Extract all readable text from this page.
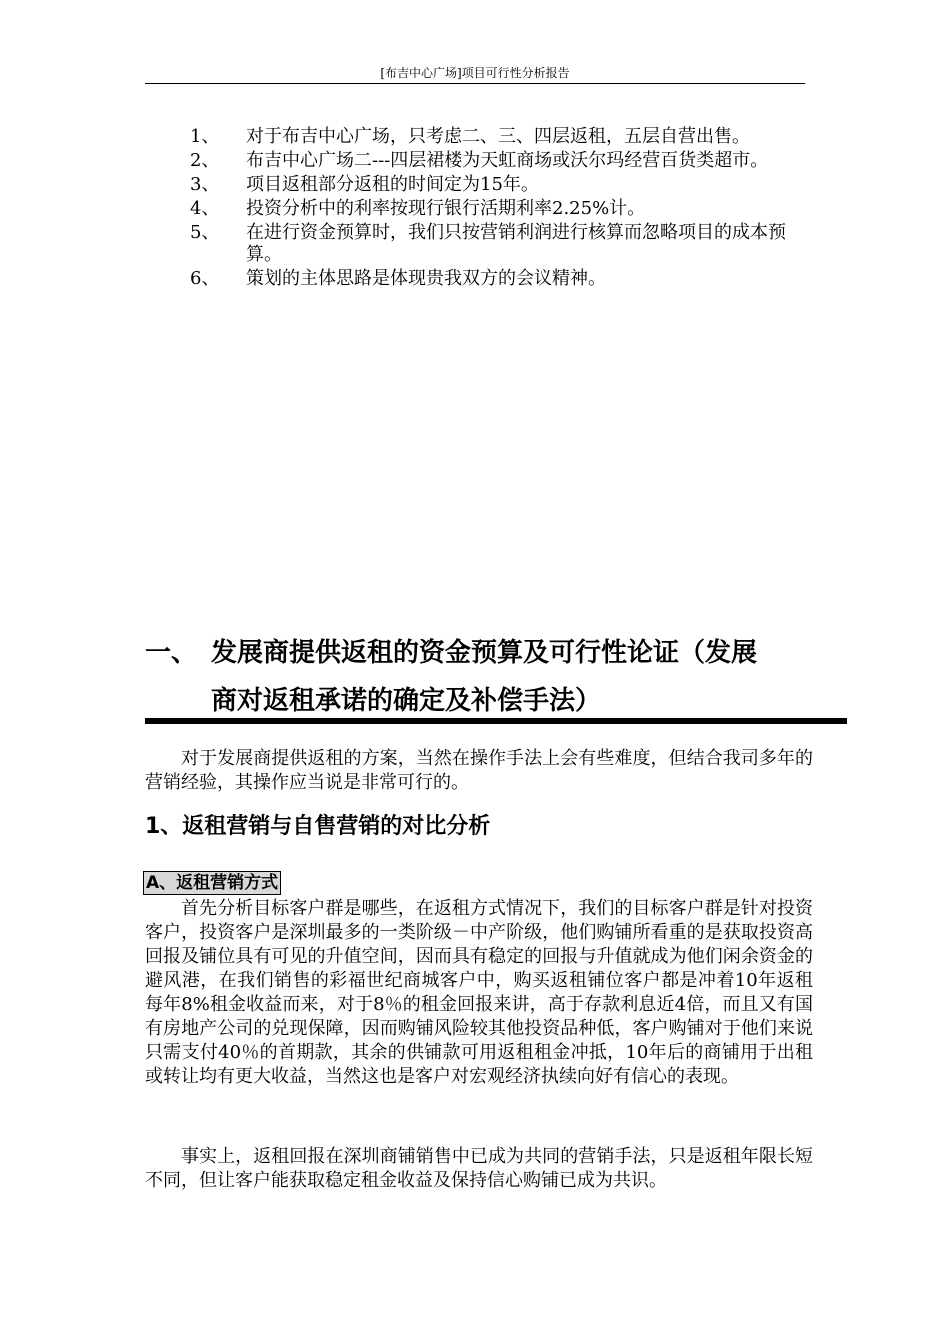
[布吉中心广场]项目可行性分析报告
1、	对于布吉中心广场，只考虑二、三、四层返租，五层自营出售。
2、	布吉中心广场二---四层裙楼为天虹商场或沃尔玛经营百货类超市。
3、	项目返租部分返租的时间定为15年。
4、	投资分析中的利率按现行银行活期利率2.25%计。
5、	在进行资金预算时，我们只按营销利润进行核算而忽略项目的成本预算。
6、	策划的主体思路是体现贵我双方的会议精神。
一、 发展商提供返租的资金预算及可行性论证（发展
商对返租承诺的确定及补偿手法）
对于发展商提供返租的方案，当然在操作手法上会有些难度，但结合我司多年的营销经验，其操作应当说是非常可行的。
1、返租营销与自售营销的对比分析
A、返租营销方式
首先分析目标客户群是哪些，在返租方式情况下，我们的目标客户群是针对投资客户，投资客户是深圳最多的一类阶级－中产阶级，他们购铺所看重的是获取投资高回报及铺位具有可见的升值空间，因而具有稳定的回报与升值就成为他们闲余资金的避风港，在我们销售的彩福世纪商城客户中，购买返租铺位客户都是冲着10年返租每年8%租金收益而来，对于8％的租金回报来讲，高于存款利息近4倍，而且又有国有房地产公司的兑现保障，因而购铺风险较其他投资品种低，客户购铺对于他们来说只需支付40％的首期款，其余的供铺款可用返租租金冲抵，10年后的商铺用于出租或转让均有更大收益，当然这也是客户对宏观经济执续向好有信心的表现。
事实上，返租回报在深圳商铺销售中已成为共同的营销手法，只是返租年限长短不同，但让客户能获取稳定租金收益及保持信心购铺已成为共识。
